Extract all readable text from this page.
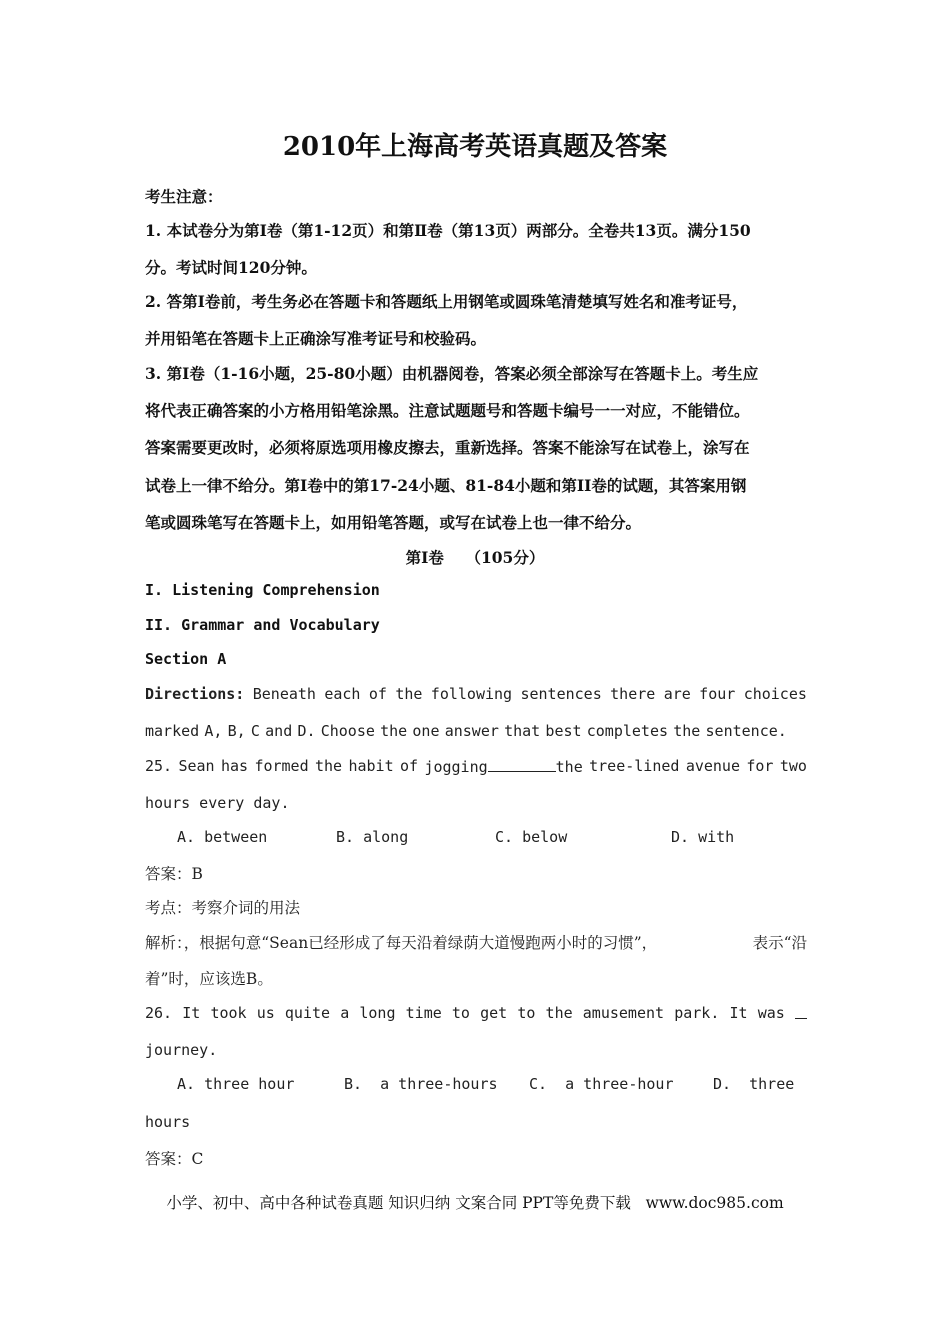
2010年上海高考英语真题及答案
考生注意：
1. 本试卷分为第Ⅰ卷（第1-12页）和第Ⅱ卷（第13页）两部分。全卷共13页。满分150
分。考试时间120分钟。
2. 答第Ⅰ卷前，考生务必在答题卡和答题纸上用钢笔或圆珠笔清楚填写姓名和准考证号，
并用铅笔在答题卡上正确涂写准考证号和校验码。
3. 第Ⅰ卷（1-16小题，25-80小题）由机器阅卷，答案必须全部涂写在答题卡上。考生应
将代表正确答案的小方格用铅笔涂黑。注意试题题号和答题卡编号一一对应，不能错位。
答案需要更改时，必须将原选项用橡皮擦去，重新选择。答案不能涂写在试卷上，涂写在
试卷上一律不给分。第Ⅰ卷中的第17-24小题、81-84小题和第II卷的试题，其答案用钢
笔或圆珠笔写在答题卡上，如用铅笔答题，或写在试卷上也一律不给分。
第Ⅰ卷    （105分）
I. Listening Comprehension
II. Grammar and Vocabulary
Section A
Directions: Beneath each of the following sentences there are four choices
marked A, B, C and D. Choose the one answer that best completes the sentence.
25. Sean has formed the habit of jogging	the tree-lined avenue for two
hours every day.
A. between	B. along	C. below	D. with
答案：B
考点：考察介词的用法
解析：，根据句意“Sean已经形成了每天沿着绿荫大道慢跑两小时的习惯”，	表示“沿
着”时，应该选B。
26. It took us quite a long time to get to the amusement park. It was
journey.
A. three hour	B.  a three-hours C.  a three-hour	D.  three
hours
答案：C
小学、初中、高中各种试卷真题 知识归纳 文案合同 PPT等免费下载   www.doc985.com
